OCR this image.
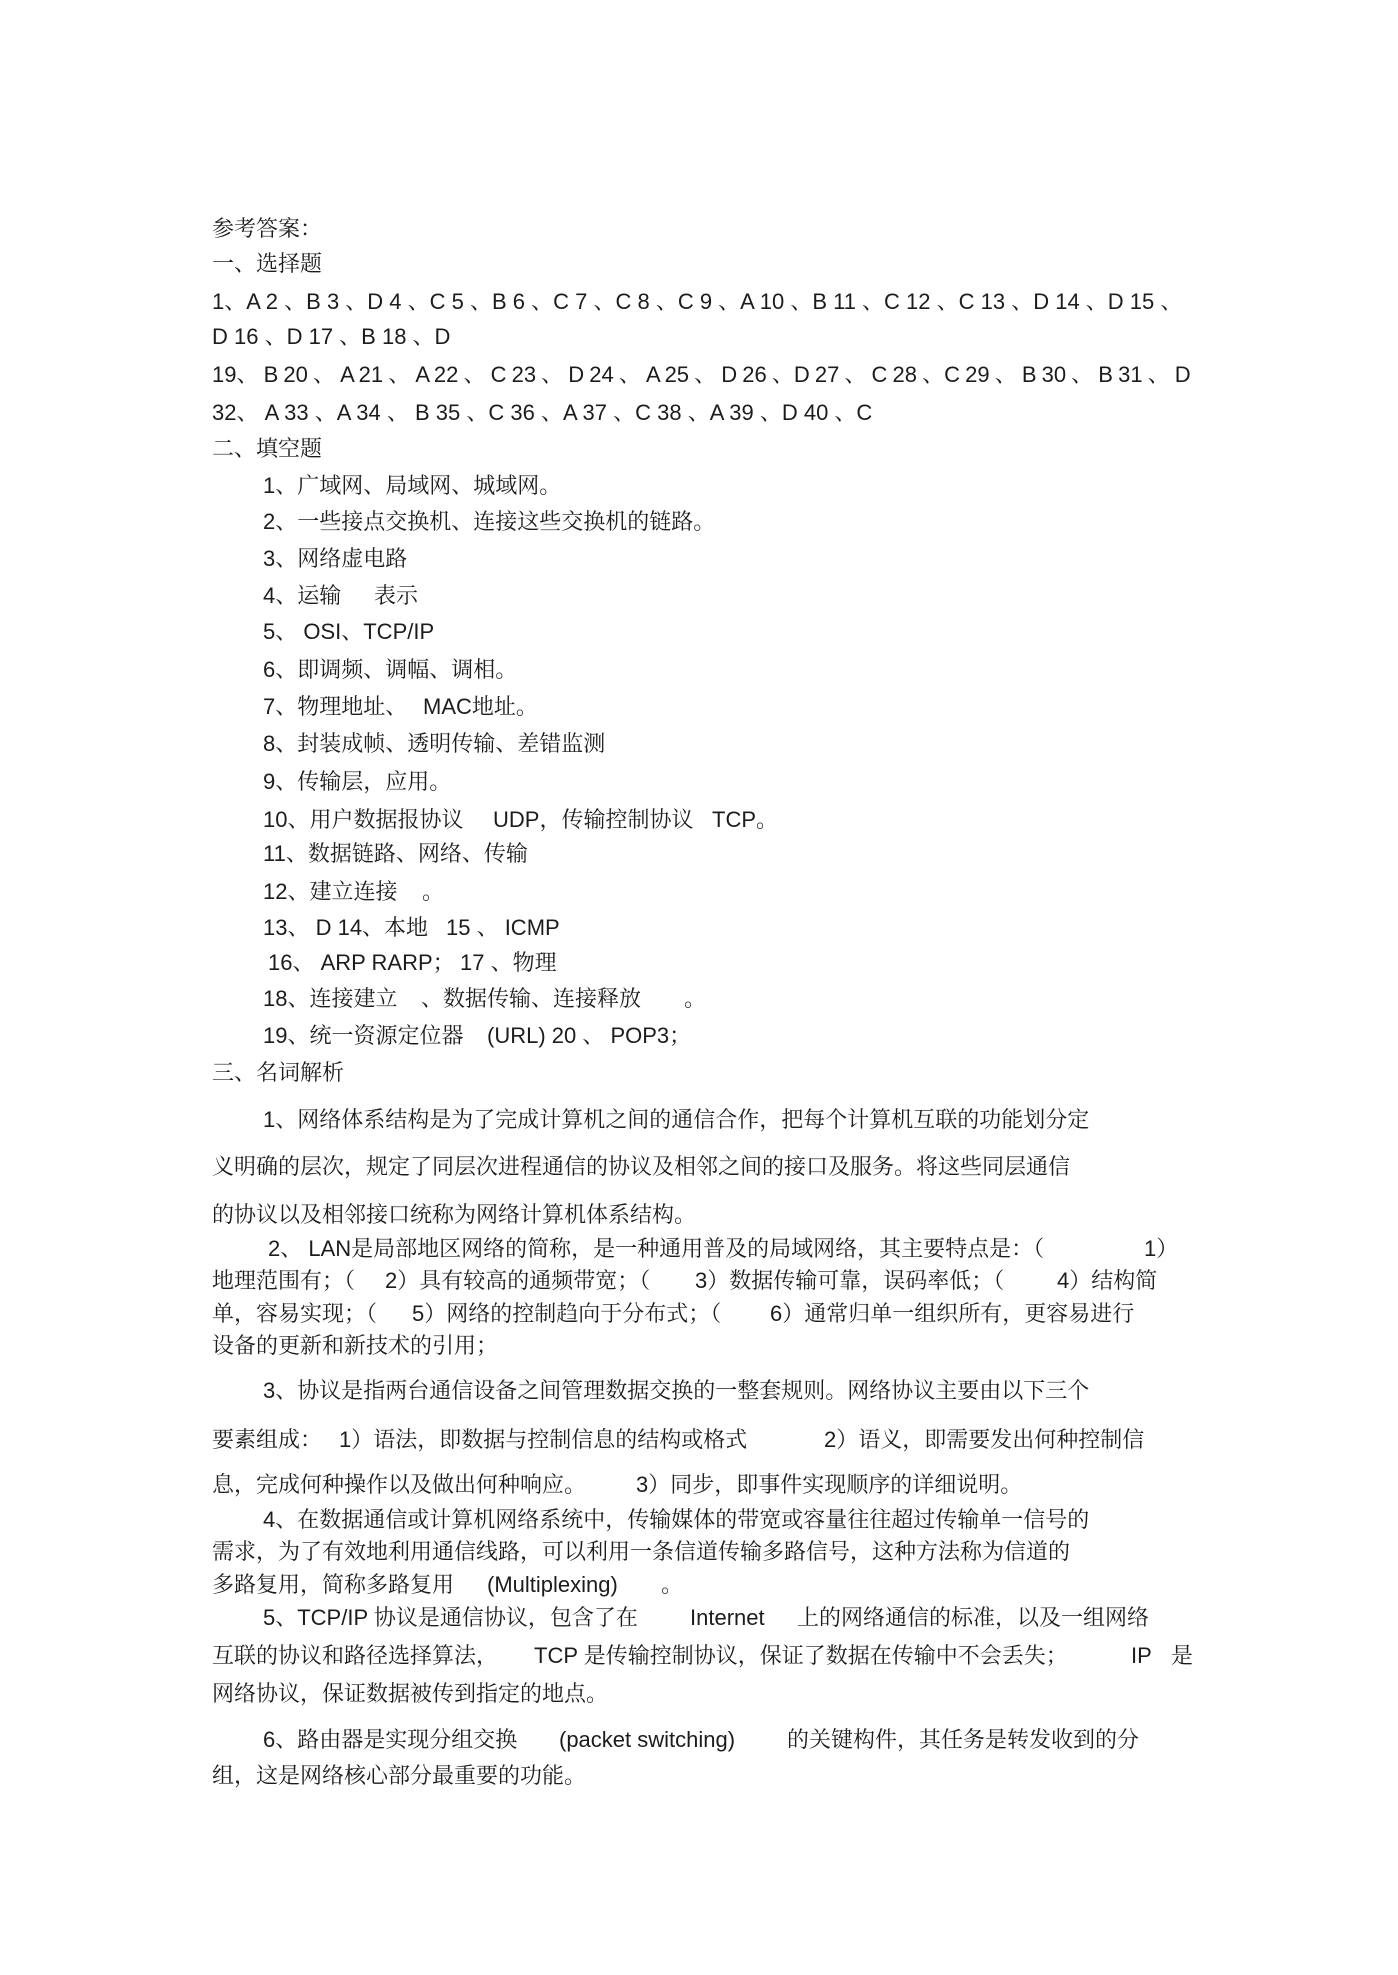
参考答案：
一、选择题
1、A 2 、B 3 、D 4 、C 5 、B 6 、C 7 、C 8 、C 9 、A 10 、B 11 、C 12 、C 13 、D 14 、D 15 、
D 16 、D 17 、B 18 、D
19、 B 20 、 A 21 、 A 22 、 C 23 、 D 24 、 A 25 、 D 26 、D 27 、 C 28 、C 29 、 B 30 、 B 31 、 D
32、 A 33 、A 34 、 B 35 、C 36 、A 37 、C 38 、A 39 、D 40 、C
二、填空题
1、广域网、局域网、城域网。
2、一些接点交换机、连接这些交换机的链路。
3、网络虚电路
4、运输 表示
5、 OSI、TCP/IP
6、即调频、调幅、调相。
7、物理地址、 MAC地址。
8、封装成帧、透明传输、差错监测
9、传输层，应用。
10、用户数据报协议 UDP，传输控制协议 TCP。
11、数据链路、网络、传输
12、建立连接 。
13、 D 14、本地 15 、 ICMP
16、 ARP RARP； 17 、物理
18、连接建立 、数据传输、连接释放 。
19、统一资源定位器 (URL) 20 、 POP3；
三、名词解析
1、网络体系结构是为了完成计算机之间的通信合作，把每个计算机互联的功能划分定
义明确的层次，规定了同层次进程通信的协议及相邻之间的接口及服务。将这些同层通信
的协议以及相邻接口统称为网络计算机体系结构。
2、 LAN是局部地区网络的简称，是一种通用普及的局域网络，其主要特点是：（	1）
地理范围有；（ 2）具有较高的通频带宽；（ 3）数据传输可靠，误码率低；（ 4）结构简
单，容易实现；（ 5）网络的控制趋向于分布式；（ 6）通常归单一组织所有，更容易进行
设备的更新和新技术的引用；
3、协议是指两台通信设备之间管理数据交换的一整套规则。网络协议主要由以下三个
要素组成： 1）语法，即数据与控制信息的结构或格式	2）语义，即需要发出何种控制信
息，完成何种操作以及做出何种响应。 3）同步，即事件实现顺序的详细说明。
4、在数据通信或计算机网络系统中，传输媒体的带宽或容量往往超过传输单一信号的
需求，为了有效地利用通信线路，可以利用一条信道传输多路信号，这种方法称为信道的
多路复用，简称多路复用 (Multiplexing) 。
5、TCP/IP 协议是通信协议，包含了在 Internet 上的网络通信的标准，以及一组网络
互联的协议和路径选择算法， TCP 是传输控制协议，保证了数据在传输中不会丢失；	IP 是
网络协议，保证数据被传到指定的地点。
6、路由器是实现分组交换 (packet switching) 的关键构件，其任务是转发收到的分
组，这是网络核心部分最重要的功能。
